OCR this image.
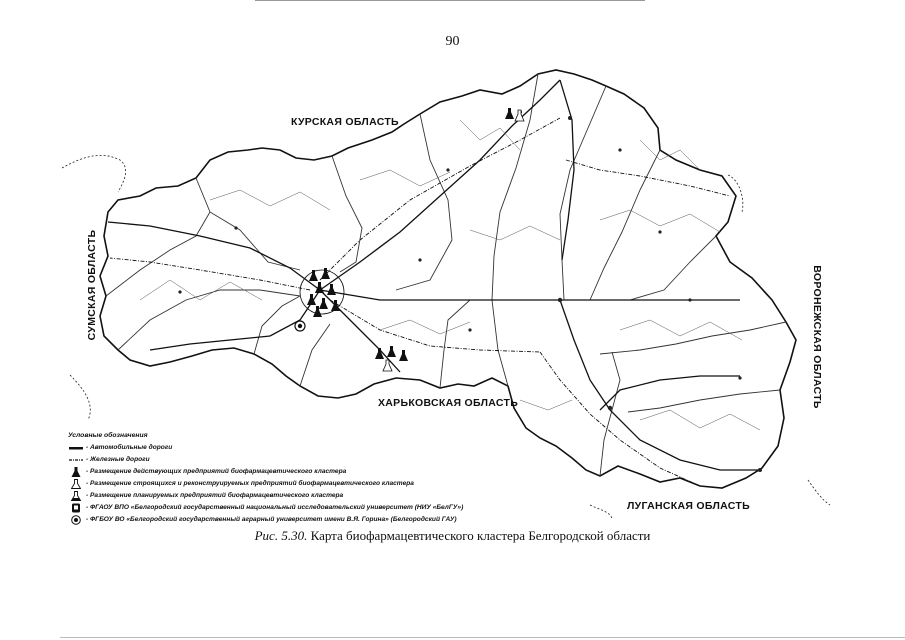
90
КУРСКАЯ ОБЛАСТЬ
ХАРЬКОВСКАЯ ОБЛАСТЬ
ЛУГАНСКАЯ ОБЛАСТЬ
СУМСКАЯ ОБЛАСТЬ	ВОРОНЕЖСКАЯ ОБЛАСТЬ
Условные обозначения
- Автомобильные дороги
- Железные дороги
- Размещение действующих предприятий биофармацевтического кластера
- Размещение строящихся и реконструируемых предприятий биофармацевтического кластера
- Размещение планируемых предприятий биофармацевтического кластера
- ФГАОУ ВПО «Белгородский государственный национальный исследовательский университет (НИУ «БелГУ»)
- ФГБОУ ВО «Белгородский государственный аграрный университет имени В.Я. Горина» (Белгородский ГАУ)
Рис. 5.30. Карта биофармацевтического кластера Белгородской области
